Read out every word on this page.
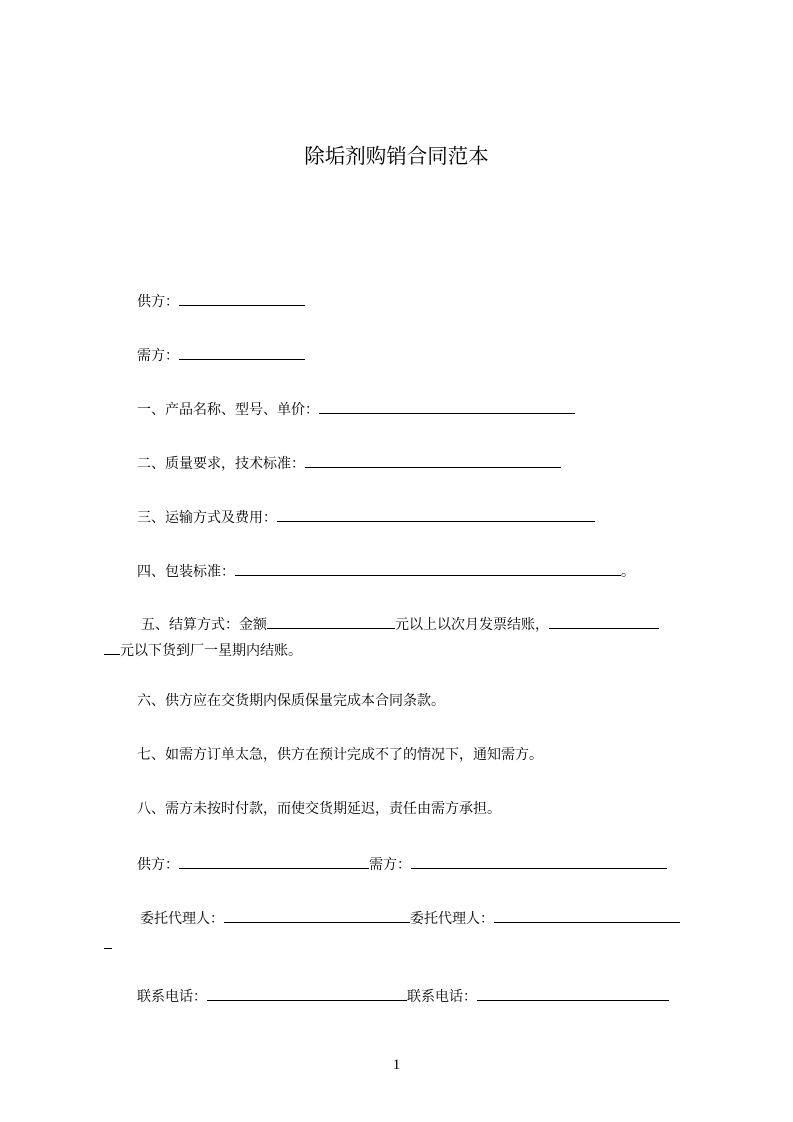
除垢剂购销合同范本
供方：
需方：
一、产品名称、型号、单价：
二、质量要求，技术标准：
三、运输方式及费用：
四、包装标准：	。
五、结算方式：金额	元以上以次月发票结账，
元以下货到厂一星期内结账。
六、供方应在交货期内保质保量完成本合同条款。
七、如需方订单太急，供方在预计完成不了的情况下，通知需方。
八、需方未按时付款，而使交货期延迟，责任由需方承担。
供方：	需方：
委托代理人：	委托代理人：
联系电话：	联系电话：
1
